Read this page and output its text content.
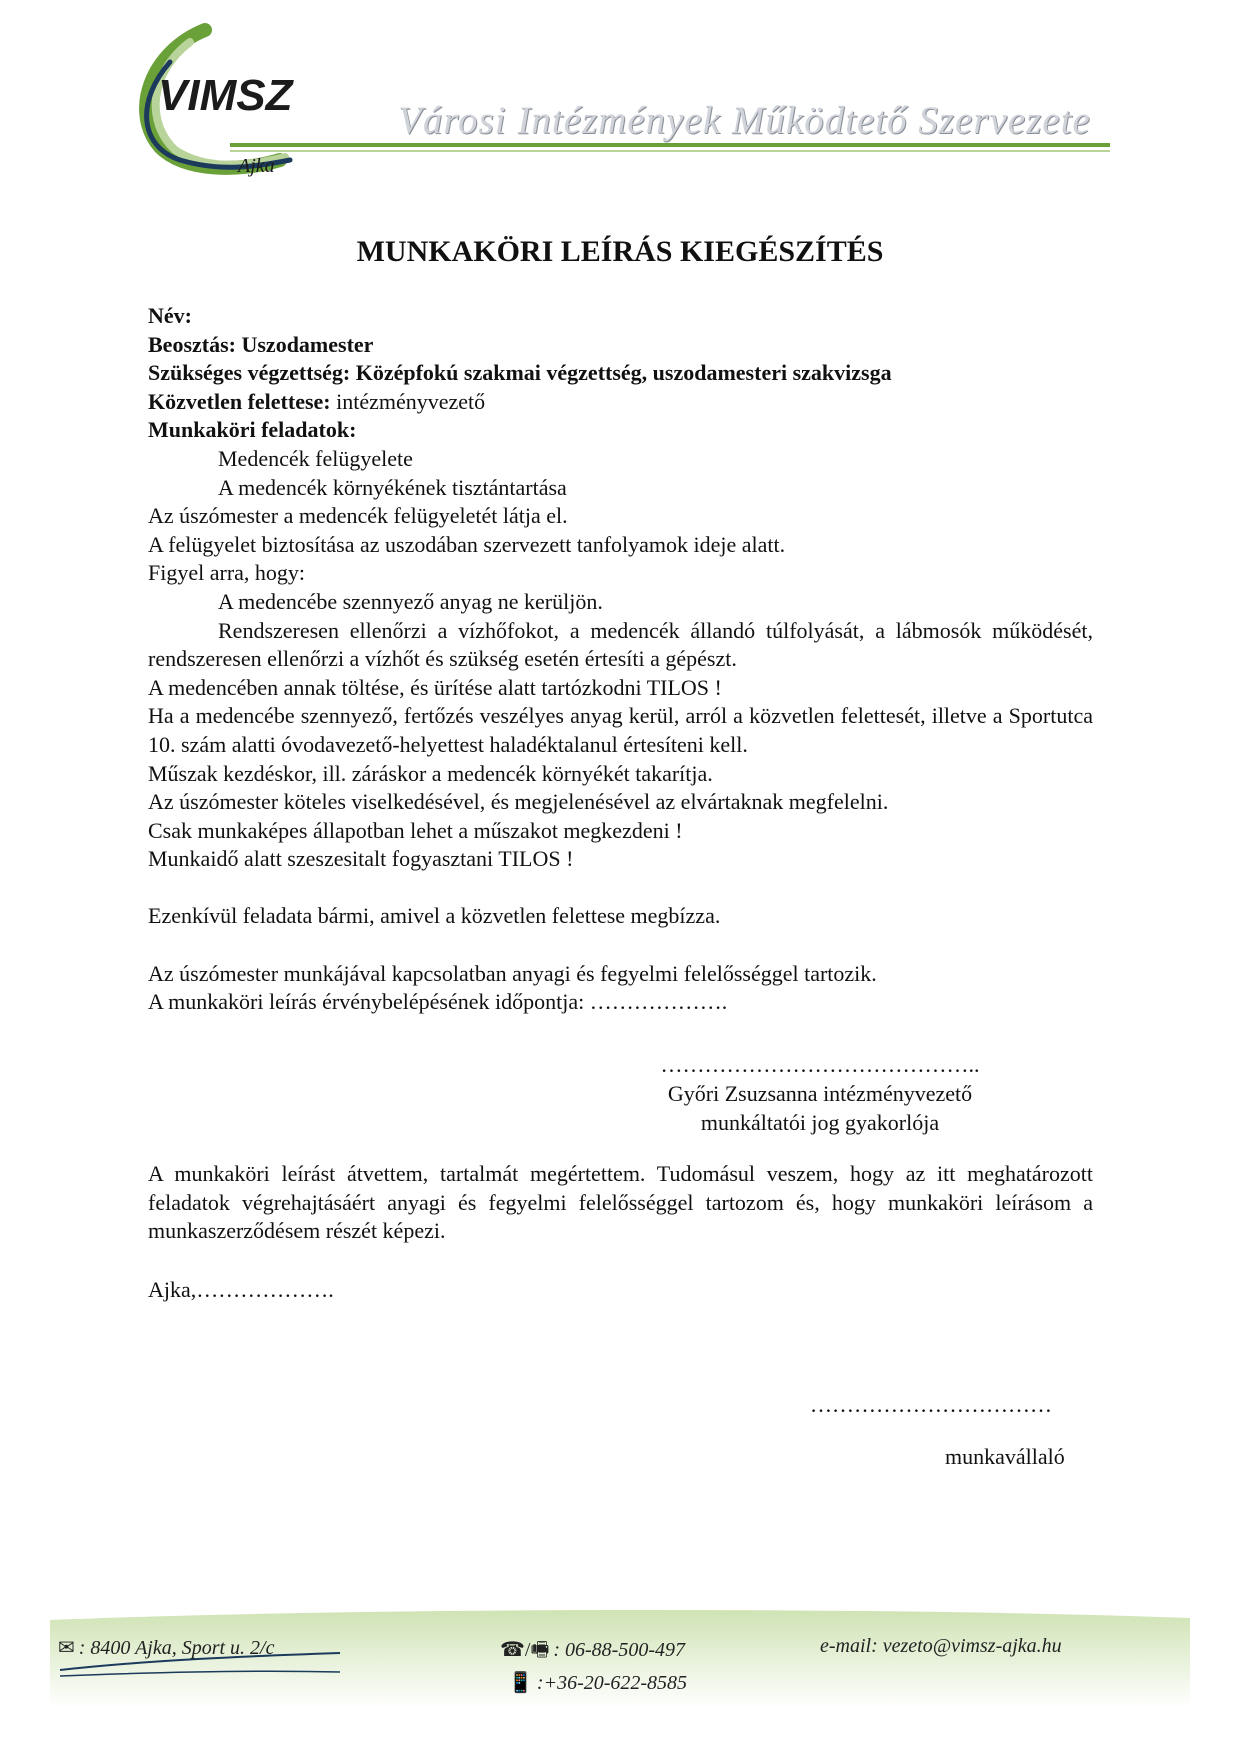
VIMSZ
Ajka
Városi Intézmények Működtető Szervezete
MUNKAKÖRI LEÍRÁS KIEGÉSZÍTÉS
Név:
Beosztás: Uszodamester
Szükséges végzettség: Középfokú szakmai végzettség, uszodamesteri szakvizsga
Közvetlen felettese: intézményvezető
Munkaköri feladatok:
Medencék felügyelete
A medencék környékének tisztántartása
Az úszómester a medencék felügyeletét látja el.
A felügyelet biztosítása az uszodában szervezett tanfolyamok ideje alatt.
Figyel arra, hogy:
A medencébe szennyező anyag ne kerüljön.
Rendszeresen ellenőrzi a vízhőfokot, a medencék állandó túlfolyását, a lábmosók működését, rendszeresen ellenőrzi a vízhőt és szükség esetén értesíti a gépészt.
A medencében annak töltése, és ürítése alatt tartózkodni TILOS !
Ha a medencébe szennyező, fertőzés veszélyes anyag kerül, arról a közvetlen felettesét, illetve a Sportutca 10. szám alatti óvodavezető-helyettest haladéktalanul értesíteni kell.
Műszak kezdéskor, ill. záráskor a medencék környékét takarítja.
Az úszómester köteles viselkedésével, és megjelenésével az elvártaknak megfelelni.
Csak munkaképes állapotban lehet a műszakot megkezdeni !
Munkaidő alatt szeszesitalt fogyasztani TILOS !
Ezenkívül feladata bármi, amivel a közvetlen felettese megbízza.
Az úszómester munkájával kapcsolatban anyagi és fegyelmi felelősséggel tartozik.
A munkaköri leírás érvénybelépésének időpontja: ……………….
……………………………………..
Győri Zsuzsanna intézményvezető
munkáltatói jog gyakorlója
A munkaköri leírást átvettem, tartalmát megértettem. Tudomásul veszem, hogy az itt meghatározott feladatok végrehajtásáért anyagi és fegyelmi felelősséggel tartozom és, hogy munkaköri leírásom a munkaszerződésem részét képezi.
Ajka,……………….
……………………………
munkavállaló
✉ : 8400 Ajka, Sport u. 2/c	☎/🖷 : 06-88-500-497	e-mail: vezeto@vimsz-ajka.hu
📱 :+36-20-622-8585
